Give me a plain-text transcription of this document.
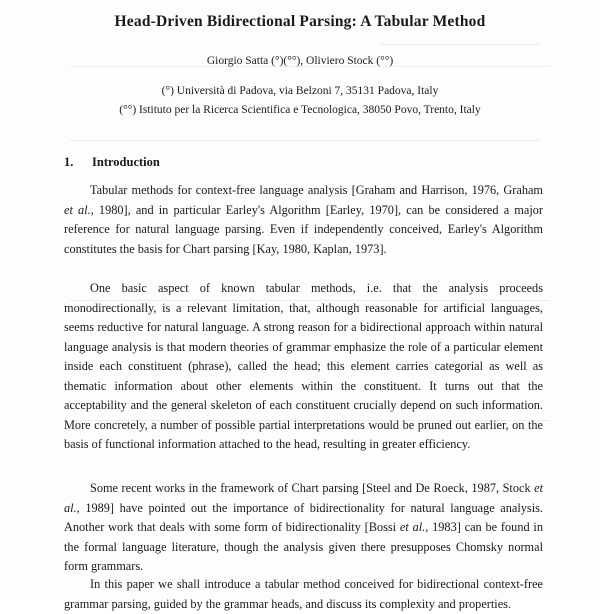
Head-Driven Bidirectional Parsing: A Tabular Method
Giorgio Satta (°)(°°), Oliviero Stock (°°)
(°) Università di Padova, via Belzoni 7, 35131 Padova, Italy
(°°) Istituto per la Ricerca Scientifica e Tecnologica, 38050 Povo, Trento, Italy
1. Introduction

Tabular methods for context-free language analysis [Graham and Harrison, 1976, Graham et al., 1980], and in particular Earley's Algorithm [Earley, 1970], can be considered a major reference for natural language parsing. Even if independently conceived, Earley's Algorithm constitutes the basis for Chart parsing [Kay, 1980, Kaplan, 1973].

One basic aspect of known tabular methods, i.e. that the analysis proceeds monodirectionally, is a relevant limitation, that, although reasonable for artificial languages, seems reductive for natural language. A strong reason for a bidirectional approach within natural language analysis is that modern theories of grammar emphasize the role of a particular element inside each constituent (phrase), called the head; this element carries categorial as well as thematic information about other elements within the constituent. It turns out that the acceptability and the general skeleton of each constituent crucially depend on such information. More concretely, a number of possible partial interpretations would be pruned out earlier, on the basis of functional information attached to the head, resulting in greater efficiency.

Some recent works in the framework of Chart parsing [Steel and De Roeck, 1987, Stock et al., 1989] have pointed out the importance of bidirectionality for natural language analysis. Another work that deals with some form of bidirectionality [Bossi et al., 1983] can be found in the formal language literature, though the analysis given there presupposes Chomsky normal form grammars.

In this paper we shall introduce a tabular method conceived for bidirectional context-free grammar parsing, guided by the grammar heads, and discuss its complexity and properties.
